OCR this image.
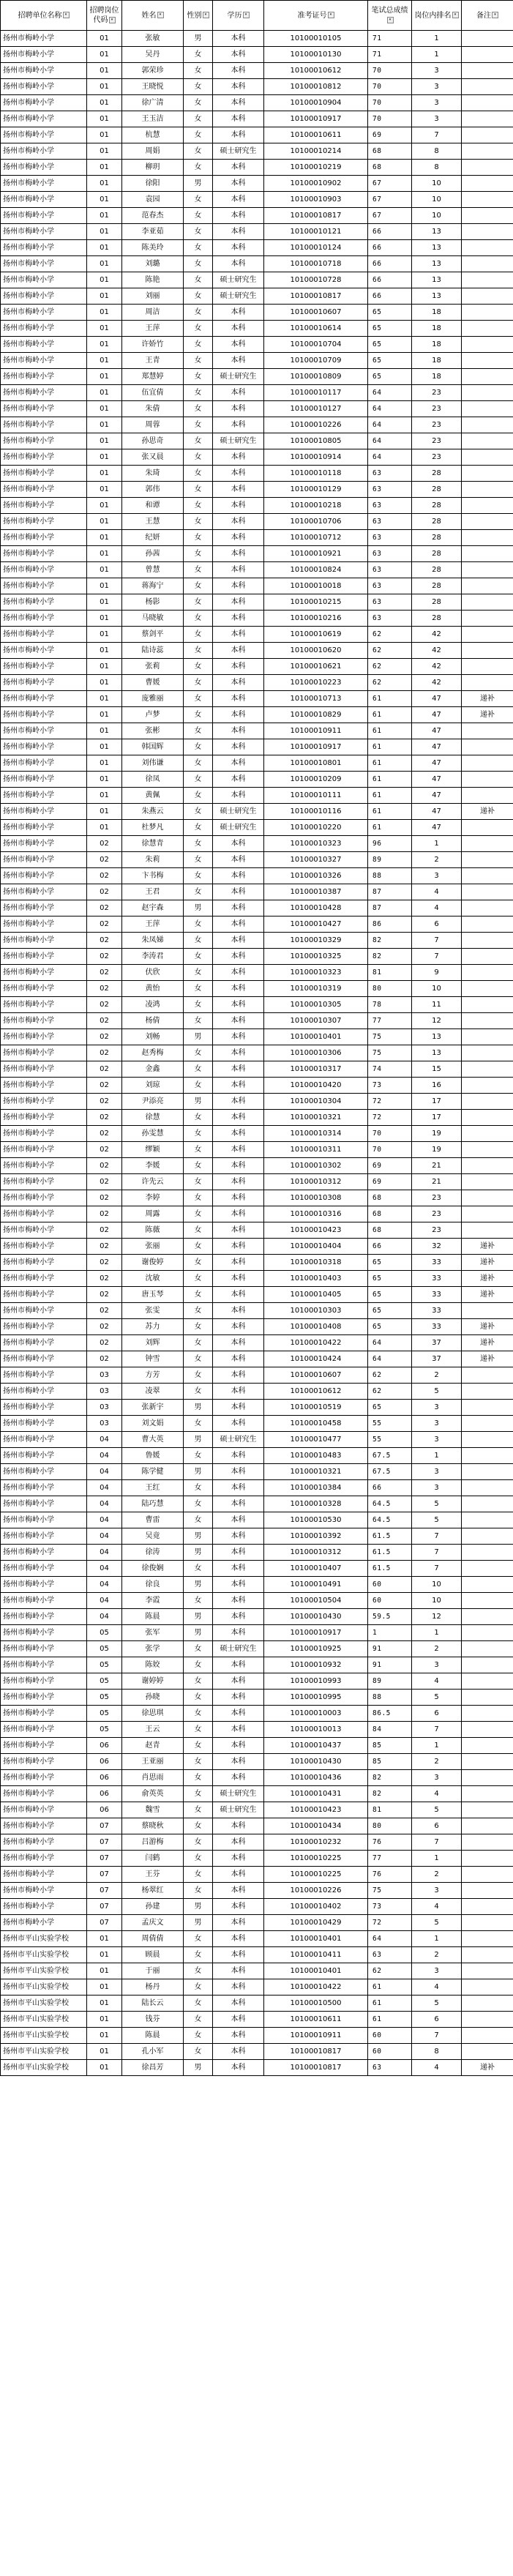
招聘单位名称 ▾	招聘岗位代码 ▾	姓名 ▾	性别 ▾	学历 ▾	准考证号 ▾	笔试总成绩▾	岗位内排名 ▾	备注 ▾
扬州市梅岭小学	01	张敏	男	本科	10100010105	71	1	
扬州市梅岭小学	01	吴丹	女	本科	10100010130	71	1	
扬州市梅岭小学	01	郭荣珍	女	本科	10100010612	70	3	
扬州市梅岭小学	01	王晓悦	女	本科	10100010812	70	3	
扬州市梅岭小学	01	徐广清	女	本科	10100010904	70	3	
扬州市梅岭小学	01	王玉洁	女	本科	10100010917	70	3	
扬州市梅岭小学	01	杭慧	女	本科	10100010611	69	7	
扬州市梅岭小学	01	周娟	女	硕士研究生	10100010214	68	8	
扬州市梅岭小学	01	柳玥	女	本科	10100010219	68	8	
扬州市梅岭小学	01	徐阳	男	本科	10100010902	67	10	
扬州市梅岭小学	01	袁园	女	本科	10100010903	67	10	
扬州市梅岭小学	01	范春杰	女	本科	10100010817	67	10	
扬州市梅岭小学	01	李亚茹	女	本科	10100010121	66	13	
扬州市梅岭小学	01	陈美玲	女	本科	10100010124	66	13	
扬州市梅岭小学	01	刘璐	女	本科	10100010718	66	13	
扬州市梅岭小学	01	陈艳	女	硕士研究生	10100010728	66	13	
扬州市梅岭小学	01	刘丽	女	硕士研究生	10100010817	66	13	
扬州市梅岭小学	01	周洁	女	本科	10100010607	65	18	
扬州市梅岭小学	01	王萍	女	本科	10100010614	65	18	
扬州市梅岭小学	01	许娇竹	女	本科	10100010704	65	18	
扬州市梅岭小学	01	王青	女	本科	10100010709	65	18	
扬州市梅岭小学	01	郑慧婷	女	硕士研究生	10100010809	65	18	
扬州市梅岭小学	01	伍宜倩	女	本科	10100010117	64	23	
扬州市梅岭小学	01	朱倩	女	本科	10100010127	64	23	
扬州市梅岭小学	01	周蓉	女	本科	10100010226	64	23	
扬州市梅岭小学	01	孙思奇	女	硕士研究生	10100010805	64	23	
扬州市梅岭小学	01	张又晨	女	本科	10100010914	64	23	
扬州市梅岭小学	01	朱琦	女	本科	10100010118	63	28	
扬州市梅岭小学	01	郭伟	女	本科	10100010129	63	28	
扬州市梅岭小学	01	和谭	女	本科	10100010218	63	28	
扬州市梅岭小学	01	王慧	女	本科	10100010706	63	28	
扬州市梅岭小学	01	纪妍	女	本科	10100010712	63	28	
扬州市梅岭小学	01	孙茜	女	本科	10100010921	63	28	
扬州市梅岭小学	01	曾慧	女	本科	10100010824	63	28	
扬州市梅岭小学	01	蒋海宁	女	本科	10100010018	63	28	
扬州市梅岭小学	01	杨影	女	本科	10100010215	63	28	
扬州市梅岭小学	01	马晓敏	女	本科	10100010216	63	28	
扬州市梅岭小学	01	蔡剑平	女	本科	10100010619	62	42	
扬州市梅岭小学	01	陆诗蕊	女	本科	10100010620	62	42	
扬州市梅岭小学	01	张莉	女	本科	10100010621	62	42	
扬州市梅岭小学	01	曹媛	女	本科	10100010223	62	42	
扬州市梅岭小学	01	庞雅丽	女	本科	10100010713	61	47	递补
扬州市梅岭小学	01	卢梦	女	本科	10100010829	61	47	递补
扬州市梅岭小学	01	张彬	女	本科	10100010911	61	47	
扬州市梅岭小学	01	韩国辉	女	本科	10100010917	61	47	
扬州市梅岭小学	01	刘伟谦	女	本科	10100010801	61	47	
扬州市梅岭小学	01	徐凤	女	本科	10100010209	61	47	
扬州市梅岭小学	01	黄佩	女	本科	10100010111	61	47	
扬州市梅岭小学	01	朱燕云	女	硕士研究生	10100010116	61	47	递补
扬州市梅岭小学	01	杜梦凡	女	硕士研究生	10100010220	61	47	
扬州市梅岭小学	02	徐慧青	女	本科	10100010323	96	1	
扬州市梅岭小学	02	朱莉	女	本科	10100010327	89	2	
扬州市梅岭小学	02	卞书梅	女	本科	10100010326	88	3	
扬州市梅岭小学	02	王君	女	本科	10100010387	87	4	
扬州市梅岭小学	02	赵宇森	男	本科	10100010428	87	4	
扬州市梅岭小学	02	王萍	女	本科	10100010427	86	6	
扬州市梅岭小学	02	朱凤娣	女	本科	10100010329	82	7	
扬州市梅岭小学	02	李涛君	女	本科	10100010325	82	7	
扬州市梅岭小学	02	伏欣	女	本科	10100010323	81	9	
扬州市梅岭小学	02	黄怡	女	本科	10100010319	80	10	
扬州市梅岭小学	02	凌鸿	女	本科	10100010305	78	11	
扬州市梅岭小学	02	杨倩	女	本科	10100010307	77	12	
扬州市梅岭小学	02	刘畅	男	本科	10100010401	75	13	
扬州市梅岭小学	02	赵秀梅	女	本科	10100010306	75	13	
扬州市梅岭小学	02	金鑫	女	本科	10100010317	74	15	
扬州市梅岭小学	02	刘琼	女	本科	10100010420	73	16	
扬州市梅岭小学	02	尹添亮	男	本科	10100010304	72	17	
扬州市梅岭小学	02	徐慧	女	本科	10100010321	72	17	
扬州市梅岭小学	02	孙雯慧	女	本科	10100010314	70	19	
扬州市梅岭小学	02	缪颖	女	本科	10100010311	70	19	
扬州市梅岭小学	02	李媛	女	本科	10100010302	69	21	
扬州市梅岭小学	02	许先云	女	本科	10100010312	69	21	
扬州市梅岭小学	02	李婷	女	本科	10100010308	68	23	
扬州市梅岭小学	02	周露	女	本科	10100010316	68	23	
扬州市梅岭小学	02	陈薇	女	本科	10100010423	68	23	
扬州市梅岭小学	02	张丽	女	本科	10100010404	66	32	递补
扬州市梅岭小学	02	谢俊婷	女	本科	10100010318	65	33	递补
扬州市梅岭小学	02	沈敏	女	本科	10100010403	65	33	递补
扬州市梅岭小学	02	唐玉琴	女	本科	10100010405	65	33	递补
扬州市梅岭小学	02	张雯	女	本科	10100010303	65	33	
扬州市梅岭小学	02	苏力	女	本科	10100010408	65	33	递补
扬州市梅岭小学	02	刘辉	女	本科	10100010422	64	37	递补
扬州市梅岭小学	02	钟雪	女	本科	10100010424	64	37	递补
扬州市梅岭小学	03	方芳	女	本科	10100010607	62	2	
扬州市梅岭小学	03	凌翠	女	本科	10100010612	62	5	
扬州市梅岭小学	03	张新宇	男	本科	10100010519	65	3	
扬州市梅岭小学	03	刘文娟	女	本科	10100010458	55	3	
扬州市梅岭小学	04	曹大英	男	硕士研究生	10100010477	55	3	
扬州市梅岭小学	04	鲁媛	女	本科	10100010483	67.5	1	
扬州市梅岭小学	04	陈学健	男	本科	10100010321	67.5	3	
扬州市梅岭小学	04	王红	女	本科	10100010384	66	3	
扬州市梅岭小学	04	陆巧慧	女	本科	10100010328	64.5	5	
扬州市梅岭小学	04	曹雷	女	本科	10100010530	64.5	5	
扬州市梅岭小学	04	吴竟	男	本科	10100010392	61.5	7	
扬州市梅岭小学	04	徐涛	男	本科	10100010312	61.5	7	
扬州市梅岭小学	04	徐俊娴	女	本科	10100010407	61.5	7	
扬州市梅岭小学	04	徐良	男	本科	10100010491	60	10	
扬州市梅岭小学	04	李霞	女	本科	10100010504	60	10	
扬州市梅岭小学	04	陈晨	男	本科	10100010430	59.5	12	
扬州市梅岭小学	05	张军	男	本科	10100010917	1	1	
扬州市梅岭小学	05	张学	女	硕士研究生	10100010925	91	2	
扬州市梅岭小学	05	陈姣	女	本科	10100010932	91	3	
扬州市梅岭小学	05	谢婷婷	女	本科	10100010993	89	4	
扬州市梅岭小学	05	孙晓	女	本科	10100010995	88	5	
扬州市梅岭小学	05	徐思琪	女	本科	10100010003	86.5	6	
扬州市梅岭小学	05	王云	女	本科	10100010013	84	7	
扬州市梅岭小学	06	赵青	女	本科	10100010437	85	1	
扬州市梅岭小学	06	王亚丽	女	本科	10100010430	85	2	
扬州市梅岭小学	06	肖思雨	女	本科	10100010436	82	3	
扬州市梅岭小学	06	俞英英	女	硕士研究生	10100010431	82	4	
扬州市梅岭小学	06	魏雪	女	硕士研究生	10100010423	81	5	
扬州市梅岭小学	07	蔡晓秋	女	本科	10100010434	80	6	
扬州市梅岭小学	07	吕游梅	女	本科	10100010232	76	7	
扬州市梅岭小学	07	闫鹤	女	本科	10100010225	77	1	
扬州市梅岭小学	07	王芬	女	本科	10100010225	76	2	
扬州市梅岭小学	07	杨翠红	女	本科	10100010226	75	3	
扬州市梅岭小学	07	孙建	男	本科	10100010402	73	4	
扬州市梅岭小学	07	孟庆文	男	本科	10100010429	72	5	
扬州市平山实验学校	01	周倩倩	女	本科	10100010401	64	1	
扬州市平山实验学校	01	顾晨	女	本科	10100010411	63	2	
扬州市平山实验学校	01	于丽	女	本科	10100010401	62	3	
扬州市平山实验学校	01	杨丹	女	本科	10100010422	61	4	
扬州市平山实验学校	01	陆长云	女	本科	10100010500	61	5	
扬州市平山实验学校	01	钱芬	女	本科	10100010611	61	6	
扬州市平山实验学校	01	陈晨	女	本科	10100010911	60	7	
扬州市平山实验学校	01	孔小军	女	本科	10100010817	60	8	
扬州市平山实验学校	01	徐昌芳	男	本科	10100010817	63	4	递补
